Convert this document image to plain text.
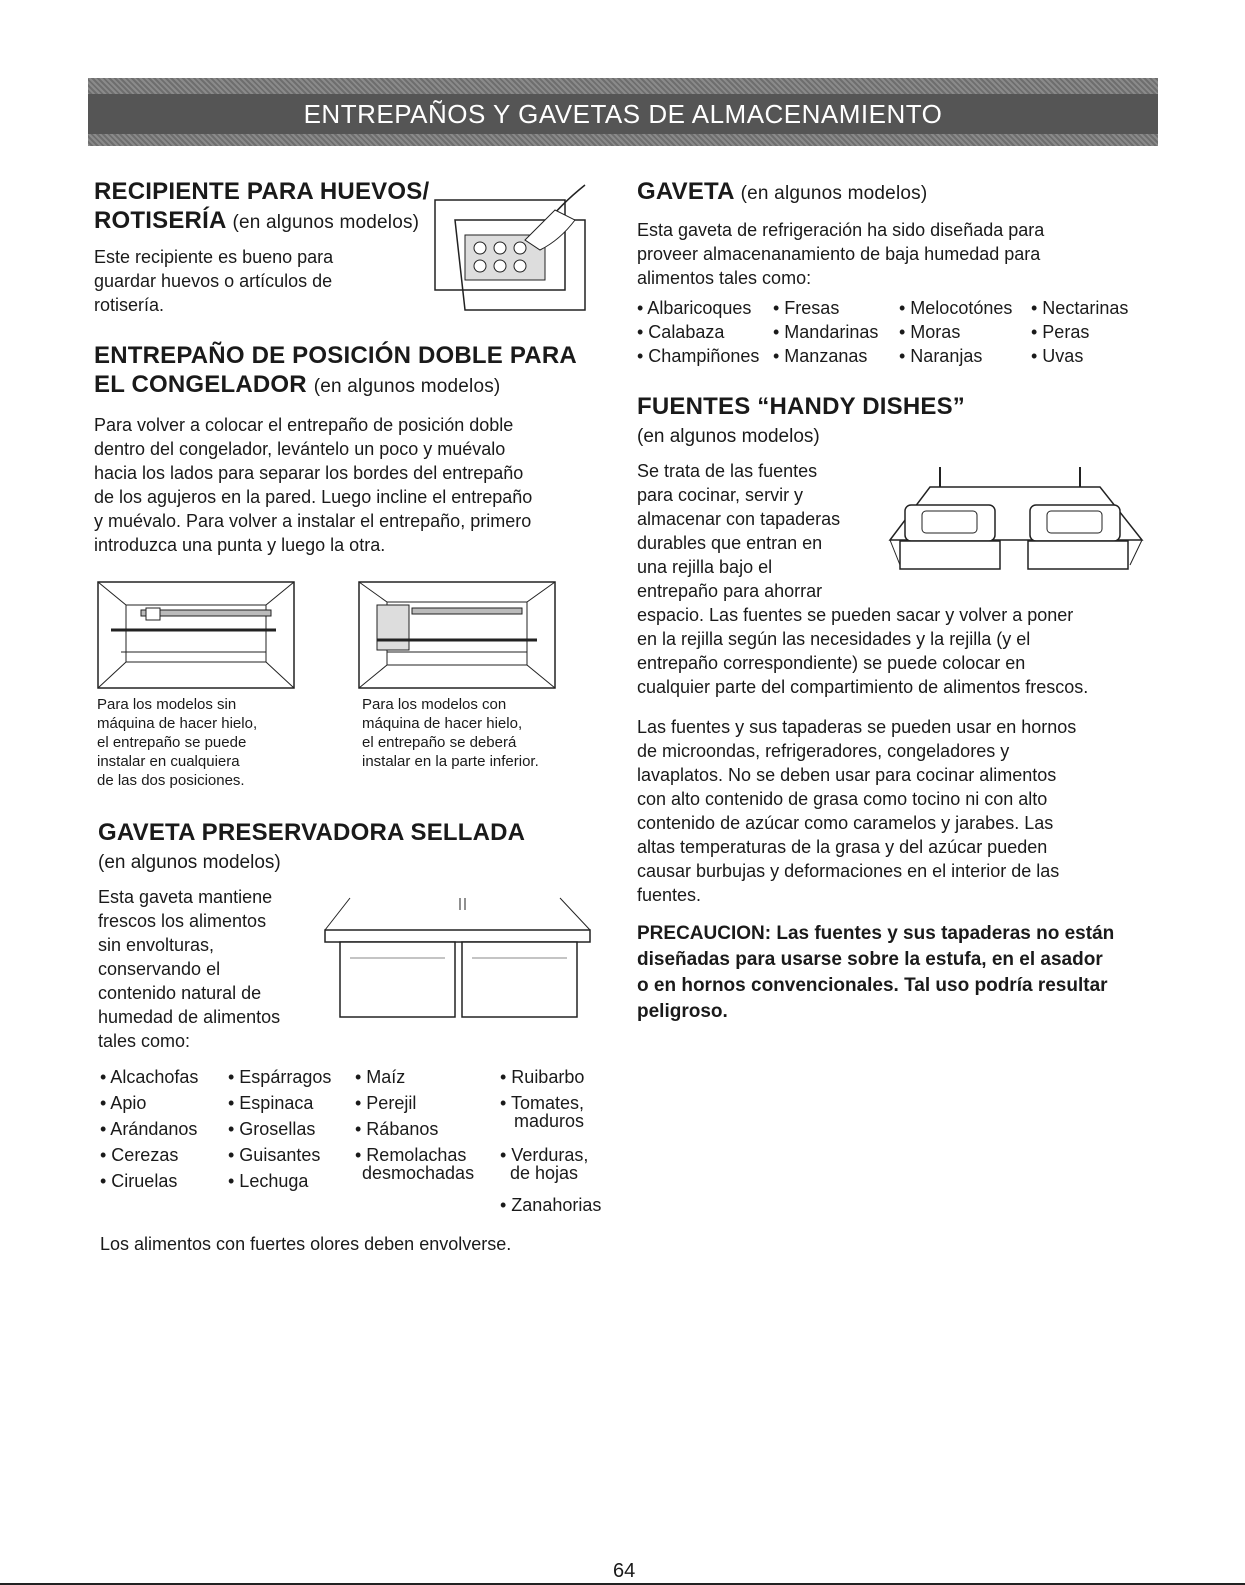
ENTREPAÑOS Y GAVETAS DE ALMACENAMIENTO
RECIPIENTE PARA HUEVOS/
ROTISERÍA (en algunos modelos)

Este recipiente es bueno para

guardar huevos o artículos de

rotisería.

ENTREPAÑO DE POSICIÓN DOBLE PARA
EL CONGELADOR (en algunos modelos)

Para volver a colocar el entrepaño de posición doble

dentro del congelador, levántelo un poco y muévalo

hacia los lados para separar los bordes del entrepaño

de los agujeros en la pared. Luego incline el entrepaño

y muévalo. Para volver a instalar el entrepaño, primero

introduzca una punta y luego la otra.

Para los modelos sin
máquina de hacer hielo,
el entrepaño se puede
instalar en cualquiera
de las dos posiciones.
Para los modelos con
máquina de hacer hielo,
el entrepaño se deberá
instalar en la parte inferior.
GAVETA PRESERVADORA SELLADA

(en algunos modelos)

Esta gaveta mantiene

frescos los alimentos

sin envolturas,

conservando el

contenido natural de

humedad de alimentos

tales como:

• Alcachofas
• Apio
• Arándanos
• Cerezas
• Ciruelas
• Espárragos
• Espinaca
• Grosellas
• Guisantes
• Lechuga
• Maíz
• Perejil
• Rábanos
• Remolachas
desmochadas
• Ruibarbo
• Tomates,
maduros
• Verduras,
de hojas
• Zanahorias

Los alimentos con fuertes olores deben envolverse.

GAVETA (en algunos modelos)

Esta gaveta de refrigeración ha sido diseñada para

proveer almacenanamiento de baja humedad para

alimentos tales como:

• Albaricoques
• Calabaza
• Champiñones
• Fresas
• Mandarinas
• Manzanas
• Melocotónes
• Moras
• Naranjas
• Nectarinas
• Peras
• Uvas
FUENTES “HANDY DISHES”

(en algunos modelos)

Se trata de las fuentes

para cocinar, servir y

almacenar con tapaderas

durables que entran en

una rejilla bajo el

entrepaño para ahorrar

espacio. Las fuentes se pueden sacar y volver a poner

en la rejilla según las necesidades y la rejilla (y el

entrepaño correspondiente) se puede colocar en

cualquier parte del compartimiento de alimentos frescos.

Las fuentes y sus tapaderas se pueden usar en hornos

de microondas, refrigeradores, congeladores y

lavaplatos. No se deben usar para cocinar alimentos

con alto contenido de grasa como tocino ni con alto

contenido de azúcar como caramelos y jarabes. Las

altas temperaturas de la grasa y del azúcar pueden

causar burbujas y deformaciones en el interior de las

fuentes.

PRECAUCION: Las fuentes y sus tapaderas no están

diseñadas para usarse sobre la estufa, en el asador

o en hornos convencionales. Tal uso podría resultar

peligroso.

64
